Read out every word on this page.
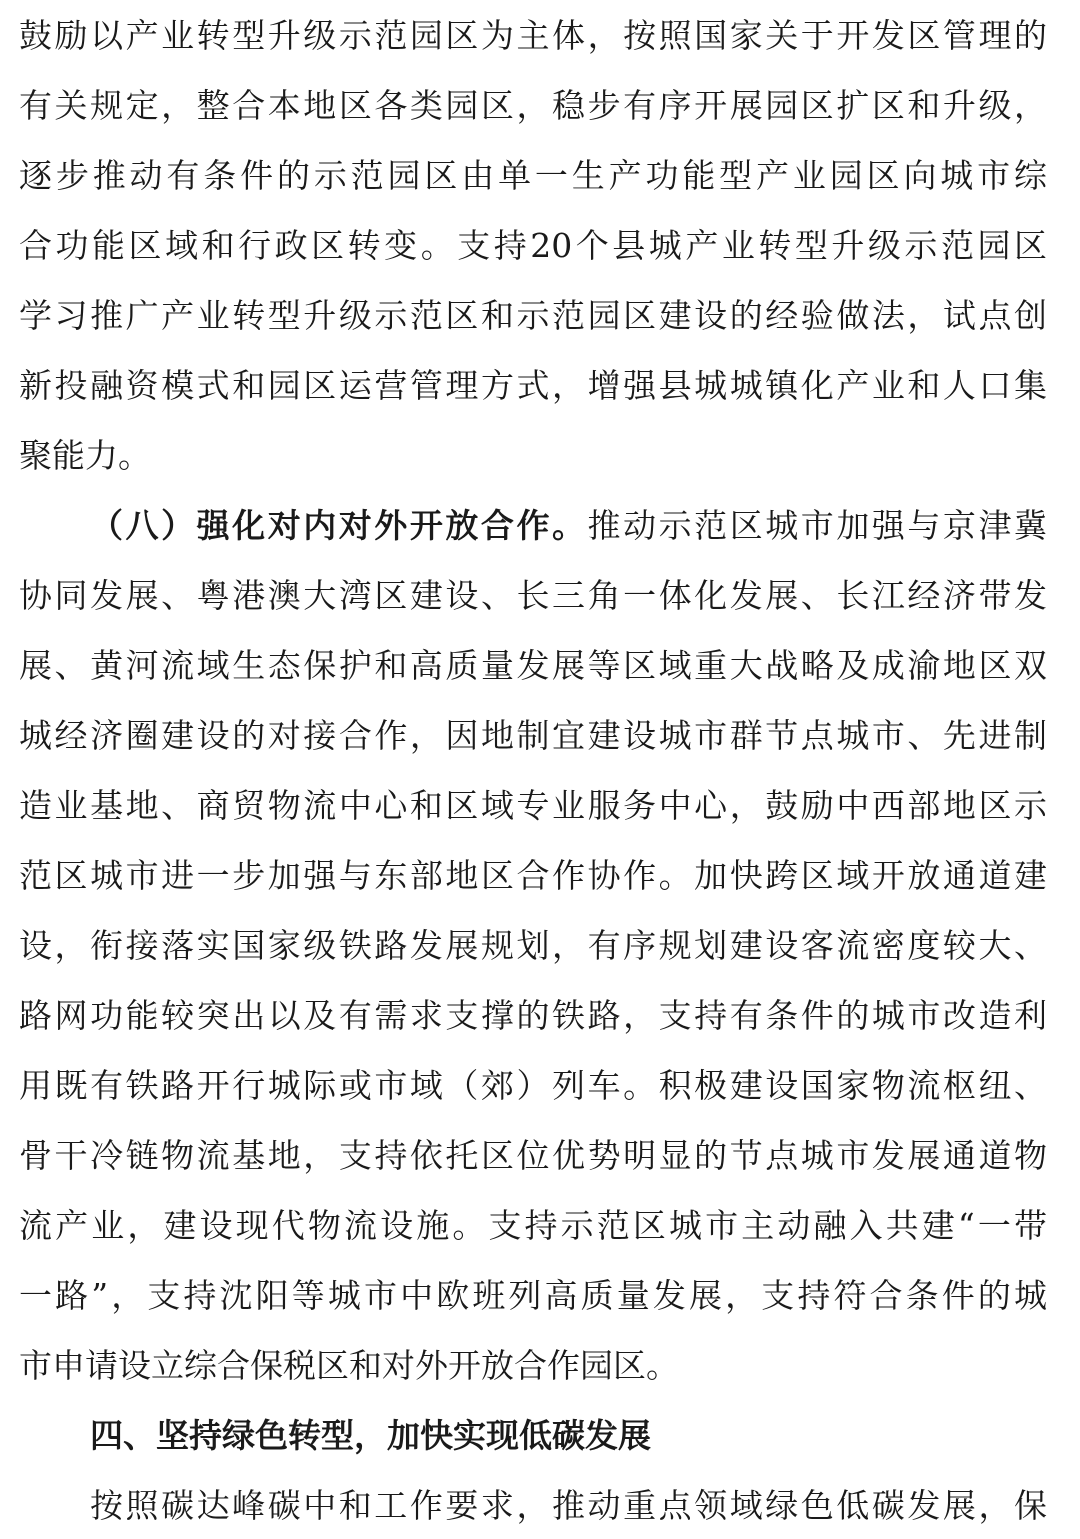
鼓励以产业转型升级示范园区为主体，按照国家关于开发区管理的
有关规定，整合本地区各类园区，稳步有序开展园区扩区和升级，
逐步推动有条件的示范园区由单一生产功能型产业园区向城市综
合功能区域和行政区转变。支持20个县城产业转型升级示范园区
学习推广产业转型升级示范区和示范园区建设的经验做法，试点创
新投融资模式和园区运营管理方式，增强县城城镇化产业和人口集
聚能力。
（八）强化对内对外开放合作。推动示范区城市加强与京津冀
协同发展、粤港澳大湾区建设、长三角一体化发展、长江经济带发
展、黄河流域生态保护和高质量发展等区域重大战略及成渝地区双
城经济圈建设的对接合作，因地制宜建设城市群节点城市、先进制
造业基地、商贸物流中心和区域专业服务中心，鼓励中西部地区示
范区城市进一步加强与东部地区合作协作。加快跨区域开放通道建
设，衔接落实国家级铁路发展规划，有序规划建设客流密度较大、
路网功能较突出以及有需求支撑的铁路，支持有条件的城市改造利
用既有铁路开行城际或市域（郊）列车。积极建设国家物流枢纽、
骨干冷链物流基地，支持依托区位优势明显的节点城市发展通道物
流产业，建设现代物流设施。支持示范区城市主动融入共建“一带
一路”，支持沈阳等城市中欧班列高质量发展，支持符合条件的城
市申请设立综合保税区和对外开放合作园区。
四、坚持绿色转型，加快实现低碳发展
按照碳达峰碳中和工作要求，推动重点领域绿色低碳发展，保
